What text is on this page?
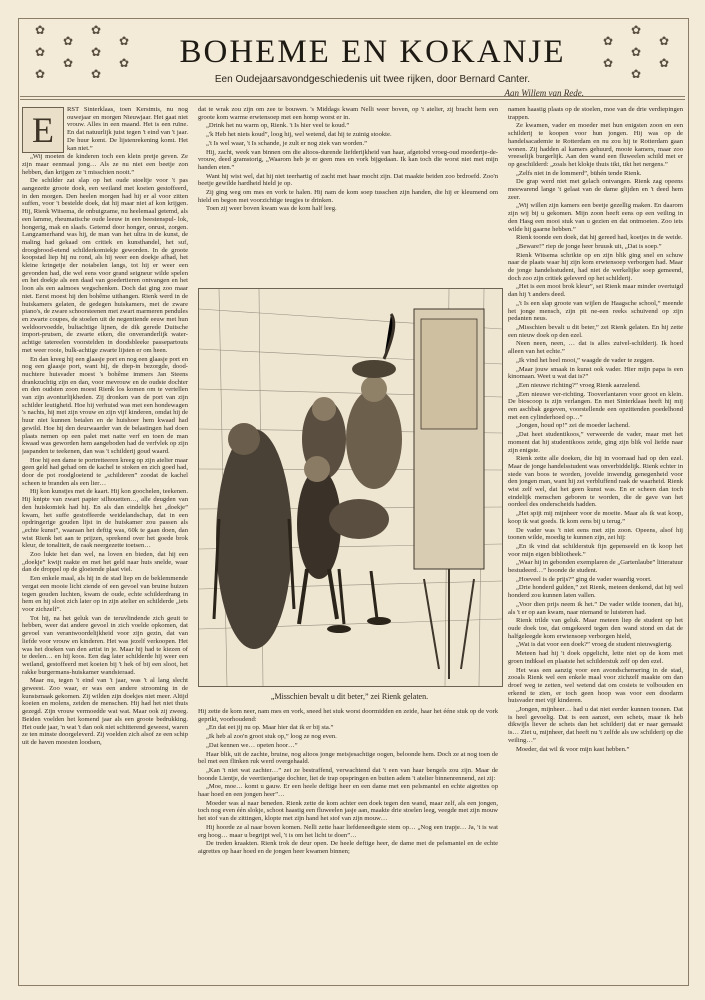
✿
✿
✿
✿
✿
✿
✿
✿
✿
✿
✿
✿
✿
✿
✿
✿
✿
BOHEME EN KOKANJE
Een Oudejaarsavondgeschiedenis uit twee rijken, door Bernard Canter.
Aan Willem van Rede.
E

RST Sinterklaas, toen Kerstmis, nu nog ouwejaar en morgen Nieuwjaar. Het gaat niet vrouw. Alles in een maand. Het is een ruïne. En dat natuurlijk juist tegen 't eind van 't jaar. De huur komt. De lijstenrekening komt. Het kan niet.”

„Wij moeten de kinderen toch een klein pretje geven. Ze zijn maar eenmaal jong… Als ze nu niet een beetje zon hebben, dan krijgen ze 't misschien nooit.”

De schilder zat slap op het oude stoeltje voor 't pas aangezette groote doek, een weiland met koeien gestoffeerd, in den morgen. Den heelen morgen had hij er al voor zitten suffen, voor 't bestelde doek, dat hij maar niet af kon krijgen. Hij, Rienk Witsema, de onbuigzame, nu heelemaal getemd, als een lamme, rheumatische oude leeuw in een beestenspul- lok, hongerig, mak en slaafs. Getemd door honger, onrust, zorgen. Langzamerhand was hij, de man van het ultra in de kunst, de maling had gekaad om critiek en kunsthandel, het suf, droogbrood-etend schilderkomiekje geworden. In de groote koopstad liep hij nu rond, als hij weer een doekje afhad, het kleine kringetje der notabelen langs, tot hij er weer een gevonden had, die wel eens voor grand seigneur wilde spelen en het doekje als een daad van goedertieren ontvangen en het loon als een aalmoes wegschenken. Doch dat ging zoo maar niet. Eerst moest hij den bohême uithangen. Rienk werd in de huiskamers gelaten, de gedegen huiskamers, met de zware piano's, de zware schoorsteenen met zwart marmeren pendules en zwarte coupes, de stoelen uit de negentiende eeuw met hun weldoorvoedde, bultachtige lijnen, de dik gerede Duitsche import-prutsen, de zwarte eiken, die onveranderlijk water-achtige tatereelen voorstelden in doodsbleeke passepartouts met weer rooie, bulk-achtige zwarte lijsten er om heen.

En dan kreeg hij een glaasje port en nog een glaasje port en nog een glaasje port, want hij, de diep-in bezorgde, dood-nuchtere huisvader moest 's bohême immers Jan Steens drankzuchtig zijn en dan, voor mevrouw en de oudste dochter en den oudsten zoon moest Rienk los komen om te vertellen van zijn avonturlijkheden. Zij dronken van de port van zijn schilder leutigheid. Hoe hij verhuisd was met een hondewagen 's nachts, hij met zijn vrouw en zijn vijf kinderen, omdat hij de huur niet kunnen betalen en de huishoer hem kwaad had gewild. Hoe hij den deurwaarder van de belastingen had doen plaats nemen op een palet met natte verf en toen de man kwaad was geworden hem aangeboden had de verfvlek op zijn jaspanden te teekenen, dan was 't schilderij goud waard.

Hoe hij een dame te portretteeren kreeg op zijn atelier maar geen geld had gehad om de kachel te stoken en zich goed had, door de pot roodgloeiend te „schilderen” zoodat de kachel scheen te branden als een lier…

Hij kon kunstjes met de kaart. Hij kon goochelen, teekenen. Hij knipte van zwart papier silhouetten…, alle deugden van den huiskomiek had hij. En als dan eindelijk het „doekje” kwam, het suffe gestoffeerde weidelandschap, dat in een opdringerige gouden lijst in de huiskamer zou passen als „echte kunst”, waaraan het deftig was, 60k te gaan doen, dan wist Rienk het aan te prijzen, sprekend over het goede brok kleur, de tonaliteit, de raak neergezette toetsen…

Zoo lukte het dan wel, na loven en bieden, dat hij een „doekje” kwijt raakte en met het geld naar huis snelde, waar dan de droppel op de gloeiende plaat viel.

Een enkele maal, als hij in de stad liep en de beklemmende vergat een mooie licht ziende of een gevoel van bruine huizen tegen gouden luchten, kwam de oude, echte schilderdrang in hem en hij sloot zich later op in zijn atelier en schilderde „iets voor zichzelf”.

Tot hij, na het geluk van de teruvlindende zich geuit te hebben, weer dat andere gevoel in zich voelde opkomen, dat gevoel van verantwoordelijkheid voor zijn gezin, dat van liefde voor vrouw en kinderen. Het was jezelf verkoopen. Het was het doeken van den artist in je. Maar hij had te kiezen of te deelen… en hij koos. Een dag later schilderde hij weer een weiland, gestoffeerd met koeien bij 't hek of bij een sloot, het rakke burgermans-huiskamer wandsieraad.

Maar nu, tegen 't eind van 't jaar, was 't al lang slecht geweest. Zoo waar, er was een andere strooming in de kunstsmaak gekomen. Zij wilden zijn doekjes niet meer. Altijd koeien en molens, zeiden de menschen. Hij had het niet thuis gezegd. Zijn vrouw vermoedde wat wat. Maar ook zij zweeg. Beiden voelden het komend jaar als een groote bedrukking. Het oude jaar, 'n wat 't dan ook niet schitterend geweest, waren ze ten minste doorgeleverd. Zij voelden zich alsof ze een schip uit de haven moesten loodsen,

dat te wrak zou zijn om zee te bouwen. 's Middags kwam Nelli weer boven, op 't atelier, zij bracht hem een groote kom warme erwtensoep met een homp worst er in.

„Drink het nu warm op, Rienk. 't Is hier veel te koud.”

„'k Heb het niets koud”, loog hij, wel wetend, dat hij te zuinig stookte.

„'t Is wel waar, 't Is schande, je zult er nog ziek van worden.”

Hij, zacht, week van binnen om die altoos-durende liefderijkheid van haar, afgetobd vroeg-oud moedertje-de-vrouw, deed gramstorig, „Waarom heb je er geen mes en vork bijgedaan. Ik kan toch die worst niet met mijn handen eten.”

Want hij wist wel, dat hij niet teerhartig of zacht met haar mocht zijn. Dat maakte beiden zoo brdroefd. Zoo'n beetje gewilde hardheid hield je op.

Zij ging weg om mes en vork te halen. Hij nam de kom soep tusschen zijn handen, die hij er kleumend om hield en begon met voorzichtige teugjes te drinken.

Toen zij weer boven kwam was de kom half leeg.

„Misschien bevalt u dit beter,” zei Rienk gelaten.

Hij zette de kom neer, nam mes en vork, sneed het stuk worst doormidden en zeide, haar het ééne stuk op de vork geprikt, voorhoudend:

„En dat eet jij nu op. Maar hier dat ik er bij sta.”

„Ik heb al zoo'n groot stuk op,” loog ze nog even.

„Dat kennen we… opeten hoor…”

Haar blik, uit de zachte, bruine, nog altoos jonge meisjesachtige oogen, beloonde hem. Doch ze at nog toen de bel met een flinken ruk werd overgehaald.

„Kan 't niet wat zachter…” zei ze bestraffend, verwachtend dat 't een van haar bengels zou zijn. Maar de boonde Lientje, de veertienjarige dochter, liet de trap opspringen en buiten adem 't atelier binnenrennend, zei zij:

„Moe, moe… komt u gauw. Er een heele deftige heer en een dame met een pelsmantel en echte aigrettes op haar hoed en een jongen heer”…

Moeder was al naar beneden. Rienk zette de kom achter een doek tegen den wand, maar zelf, als een jongen, toch nog even één slokje, schoot haastig een fluweelen jasje aan, maakte drie stoelen leeg, veegde met zijn mouw het stof van de zittingen, klopte met zijn hand het stof van zijn mouw…

Hij hoorde ze al naar boven komen. Nelli zette haar liefdeneedigste stem op… „Nog een trapje… Ja, 't is wat erg hoog… maar u begrijpt wel, 't is om het licht te doen”…

De treden kraakten. Rienk trok de deur open. De heele deftige heer, de dame met de pelsmantel en de echte aigrettes op haar hoed en de jongen heer kwamen binnen;

namen haastig plaats op de stoelen, moe van de drie verdiepingen trappen.

Ze kwamen, vader en moeder met hun enigsten zoon en een schilderij te koopen voor hun jongen. Hij was op de handelsacademie te Rotterdam en nu zou hij te Rotterdam gaan wonen. Zij hadden al kamers gehuurd, mooie kamers, maar zoo vreeselijk burgerlijk. Aan den wand een fluweelen schild met er op geschilderd: „zoals het klokje thuis tikt, tikt het nergens.”

„Zelfs niet in de lommerd”, bühén tende Rienk.

De grap werd niet met gelach ontvangen. Rienk zag opeens meewarend lange 't gelaat van de dame glijden en 't deed hem zeer.

„Wij willen zijn kamers een beetje gezellig maken. En daarom zijn wij bij u gekomen. Mijn zoon heeft eens op een veiling in den Hasg een mooi stuk van u gezien en dat ontmoeten. Zoo iets wilde hij gaarne hebben.”

Rienk toonde een doek, dat hij gereed had, koetjes in de weide.

„Beware!” riep de jonge heer bruusk uit, „Dat is soep.”

Rienk Witsema schrikte op en zijn blik ging snel en schuw naar de plaats waar hij zijn kom erwtensoep verborgen had. Maar de jonge handelsstudent, had niet de werkelijke soep gemeend, doch zoo zijn critiek geleverd op het schilderij.

„Het is een mooi brok kleur”, sei Rienk maar minder overtuigd dan hij 't anders deed.

„'t Is een slap groote van wijlen de Haagsche school,” meende het jonge mensch, zijn pit ne-een reeks schuivend op zijn pedanten neus.

„Misschien bevalt u dit beter,” zei Rienk gelaten. En hij zette een nieuw doek op den ezel.

Neen neen, neen, … dat is alles zuivel-schilderij. Ik hoed alleen van het echte.”

„Ik vind het heel mooi,” waagde de vader te zeggen.

„Maar jouw smaak in kunst ook vader. Hier mijn papa is een kinomaan. Weet u wat dat is?”

„Een nieuwe richting?” vroeg Rienk aarzelend.

„Een nieuwe ver-richting. Tooverlantaren voor groot en klein. De bioscoop is zijn verlangen. En met Sinterklaas heeft hij mij een aschbak gegeven, voorstellende een opzittenden poedelhond met een cylinderhoed op…”

„Jongen, houd op!” zei de moeder lachend.

„Dat heet studentikoos,” verweerde de vader, maar met het moment dat hij studentikoos zeide, ging zijn blik vol liefde naar zijn enigste.

Rienk zette alle doeken, die hij in voorraad had op den ezel. Maar de jonge handelsstudent was onverbiddelijk. Rienk echter in stede van boos te worden, jovelde inwendig genegenheid voor den jongen man, want hij zei verbluffend raak de waarheid. Rienk wist zelf wel, dat het geen kunst was. En er scheen dan toch eindelijk menschen geboren te worden, die de gave van het oordeel des onderscheids hadden.

„Het spijt mij mijnheer voor de moeite. Maar als ik wat koop, koop ik wat goeds. Ik kom eens bij u terug.”

De vader was 't niet eens met zijn zoon. Opeens, alsof hij toonen wilde, moedig te kunnen zijn, zei hij:

„En ik vind dat schilderstuk fijn gepenseeld en ik koop het voor mijn eigen bibliotheek.”

„Waar hij in gebonden exemplaren de „Gartenlaube” litteratuur bestudeerd…” hoonde de student.

„Hoeveel is de prijs?” ging de vader waardig voort.

„Drie honderd gulden,” zei Rienk, meteen denkend, dat hij wel honderd zou kunnen laten vallen.

„Voor dien prijs neem ik het.” De vader wilde toonen, dat hij, als 't er op aan kwam, naar niemand te luisteren had.

Rienk trilde van geluk. Maar meteen liep de student op het oude doek toe, dat omgekeerd tegen den wand stond en dat de halfgeleegde kom erwtensoep verborgen hield,

„Wat is dat voor een doek?” vroeg de student nieuwsgierig.

Meteen had hij 't doek opgelicht, lette niet op de kom met groen indiksel en plaatste het schilderstuk zelf op den ezel.

Het was een aanzig voor een avondschemering in de stad, zooals Rienk wel een enkele maal voor zichzelf maakte om dan droef weg te zetten, wel wetend dat om cosiets te volbouden en erkend te zien, er toch geen hoop was voor een doodarm huisvader met vijf kinderen.

„Jongen, mijnheer… had u dat niet eerder kunnen toonen. Dat is heel gevoelig. Dat is een aanzet, een schets, maar ik heb dikwijls liever de schets dan het schilderij dat er naar gemaakt is… Ziet u, mijnheer, dat heeft nu 't zelfde als uw schilderij op die veiling…”

Moeder, dat wil ik voor mijn kast hebben.”
